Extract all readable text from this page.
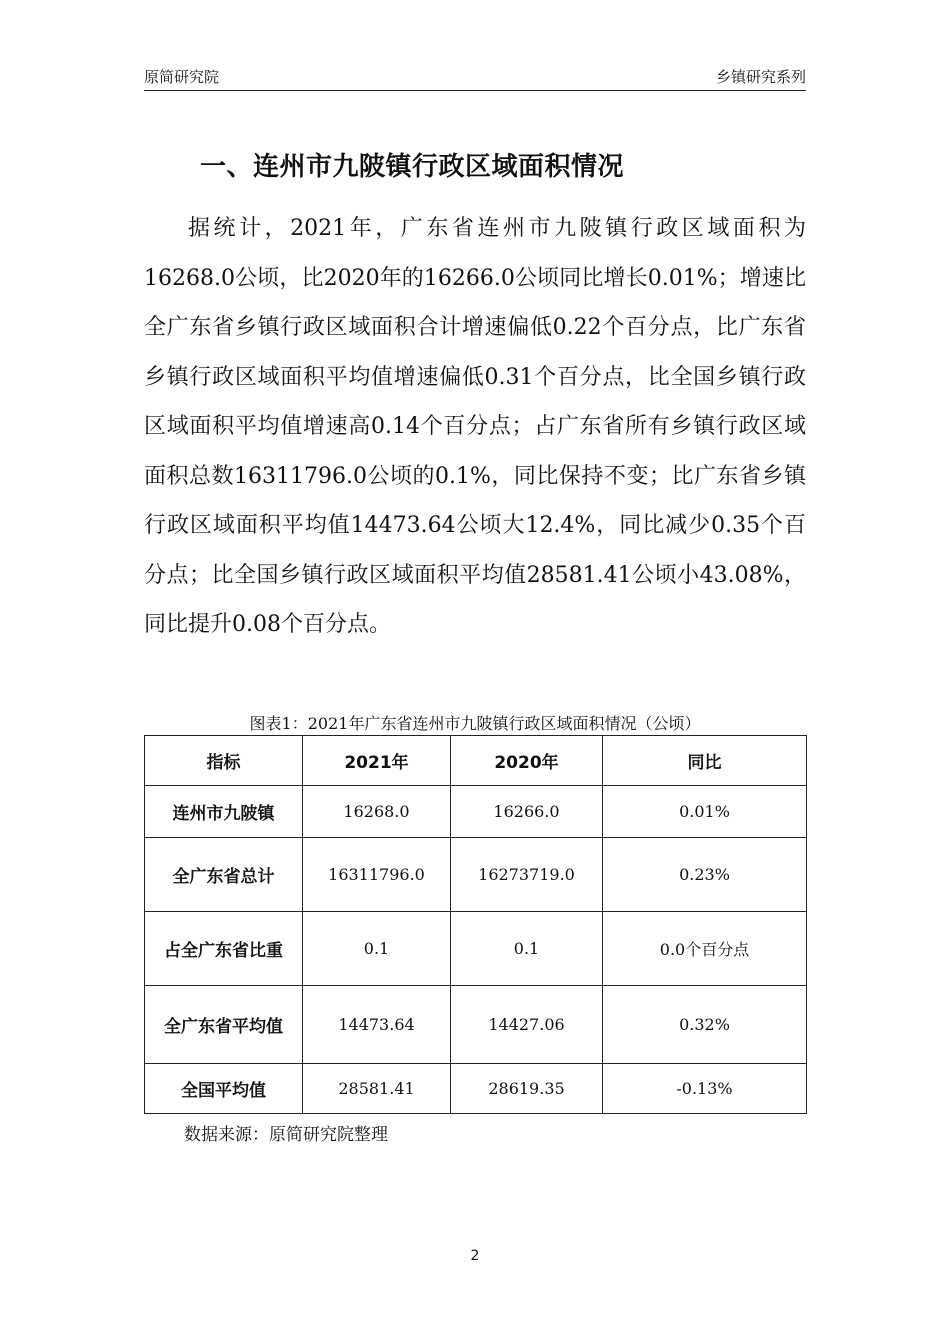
原简研究院	乡镇研究系列
一、连州市九陂镇行政区域面积情况

据统计，2021年，广东省连州市九陂镇行政区域面积为16268.0公顷，比2020年的16266.0公顷同比增长0.01%；增速比全广东省乡镇行政区域面积合计增速偏低0.22个百分点，比广东省乡镇行政区域面积平均值增速偏低0.31个百分点，比全国乡镇行政区域面积平均值增速高0.14个百分点；占广东省所有乡镇行政区域面积总数16311796.0公顷的0.1%，同比保持不变；比广东省乡镇行政区域面积平均值14473.64公顷大12.4%，同比减少0.35个百分点；比全国乡镇行政区域面积平均值28581.41公顷小43.08%，同比提升0.08个百分点。

图表1：2021年广东省连州市九陂镇行政区域面积情况（公顷）
指标	2021年	2020年	同比
连州市九陂镇	16268.0	16266.0	0.01%
全广东省总计	16311796.0	16273719.0	0.23%
占全广东省比重	0.1	0.1	0.0个百分点
全广东省平均值	14473.64	14427.06	0.32%
全国平均值	28581.41	28619.35	-0.13%
数据来源：原简研究院整理
2
